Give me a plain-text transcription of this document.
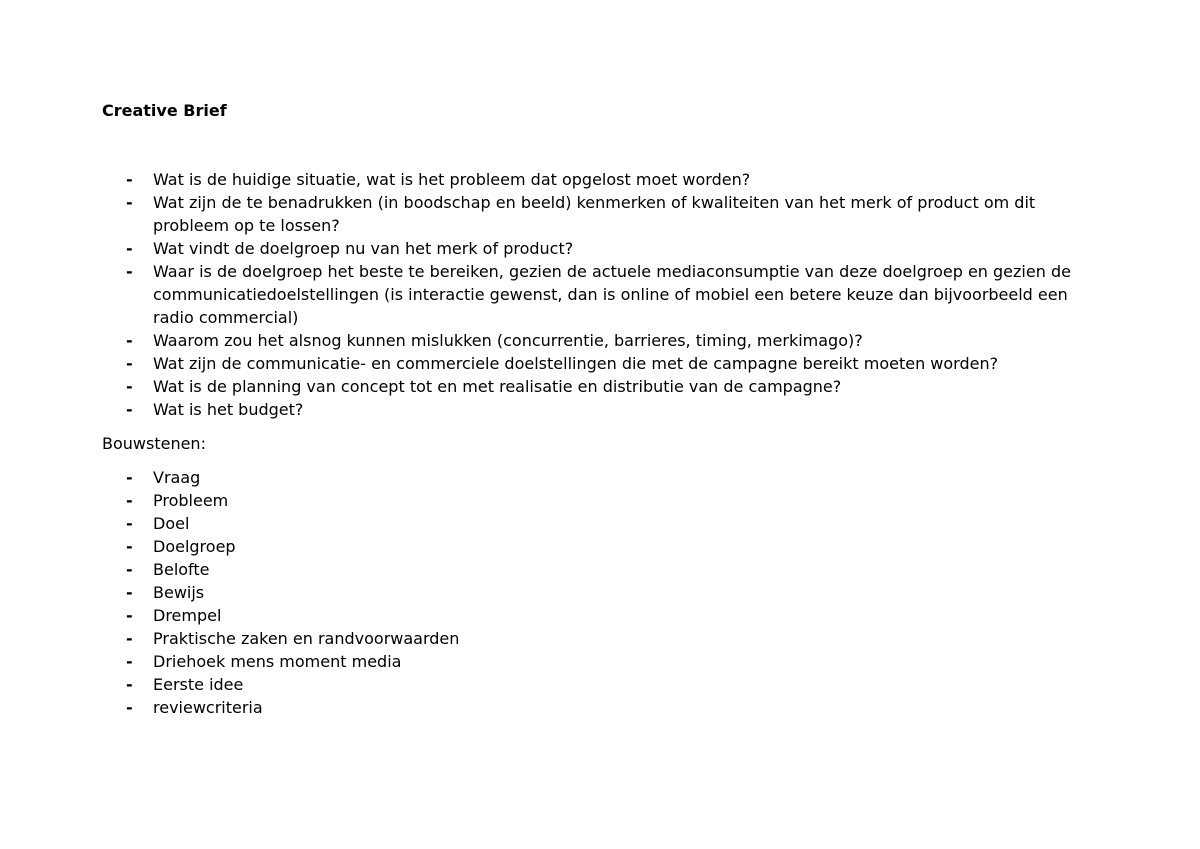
Creative Brief
- Wat is de huidige situatie, wat is het probleem dat opgelost moet worden?
- Wat zijn de te benadrukken (in boodschap en beeld) kenmerken of kwaliteiten van het merk of product om dit probleem op te lossen?
- Wat vindt de doelgroep nu van het merk of product?
- Waar is de doelgroep het beste te bereiken, gezien de actuele mediaconsumptie van deze doelgroep en gezien de communicatiedoelstellingen (is interactie gewenst, dan is online of mobiel een betere keuze dan bijvoorbeeld een radio commercial)
- Waarom zou het alsnog kunnen mislukken (concurrentie, barrieres, timing, merkimago)?
- Wat zijn de communicatie- en commerciele doelstellingen die met de campagne bereikt moeten worden?
- Wat is de planning van concept tot en met realisatie en distributie van de campagne?
- Wat is het budget?
Bouwstenen:
- Vraag
- Probleem
- Doel
- Doelgroep
- Belofte
- Bewijs
- Drempel
- Praktische zaken en randvoorwaarden
- Driehoek mens moment media
- Eerste idee
- reviewcriteria
